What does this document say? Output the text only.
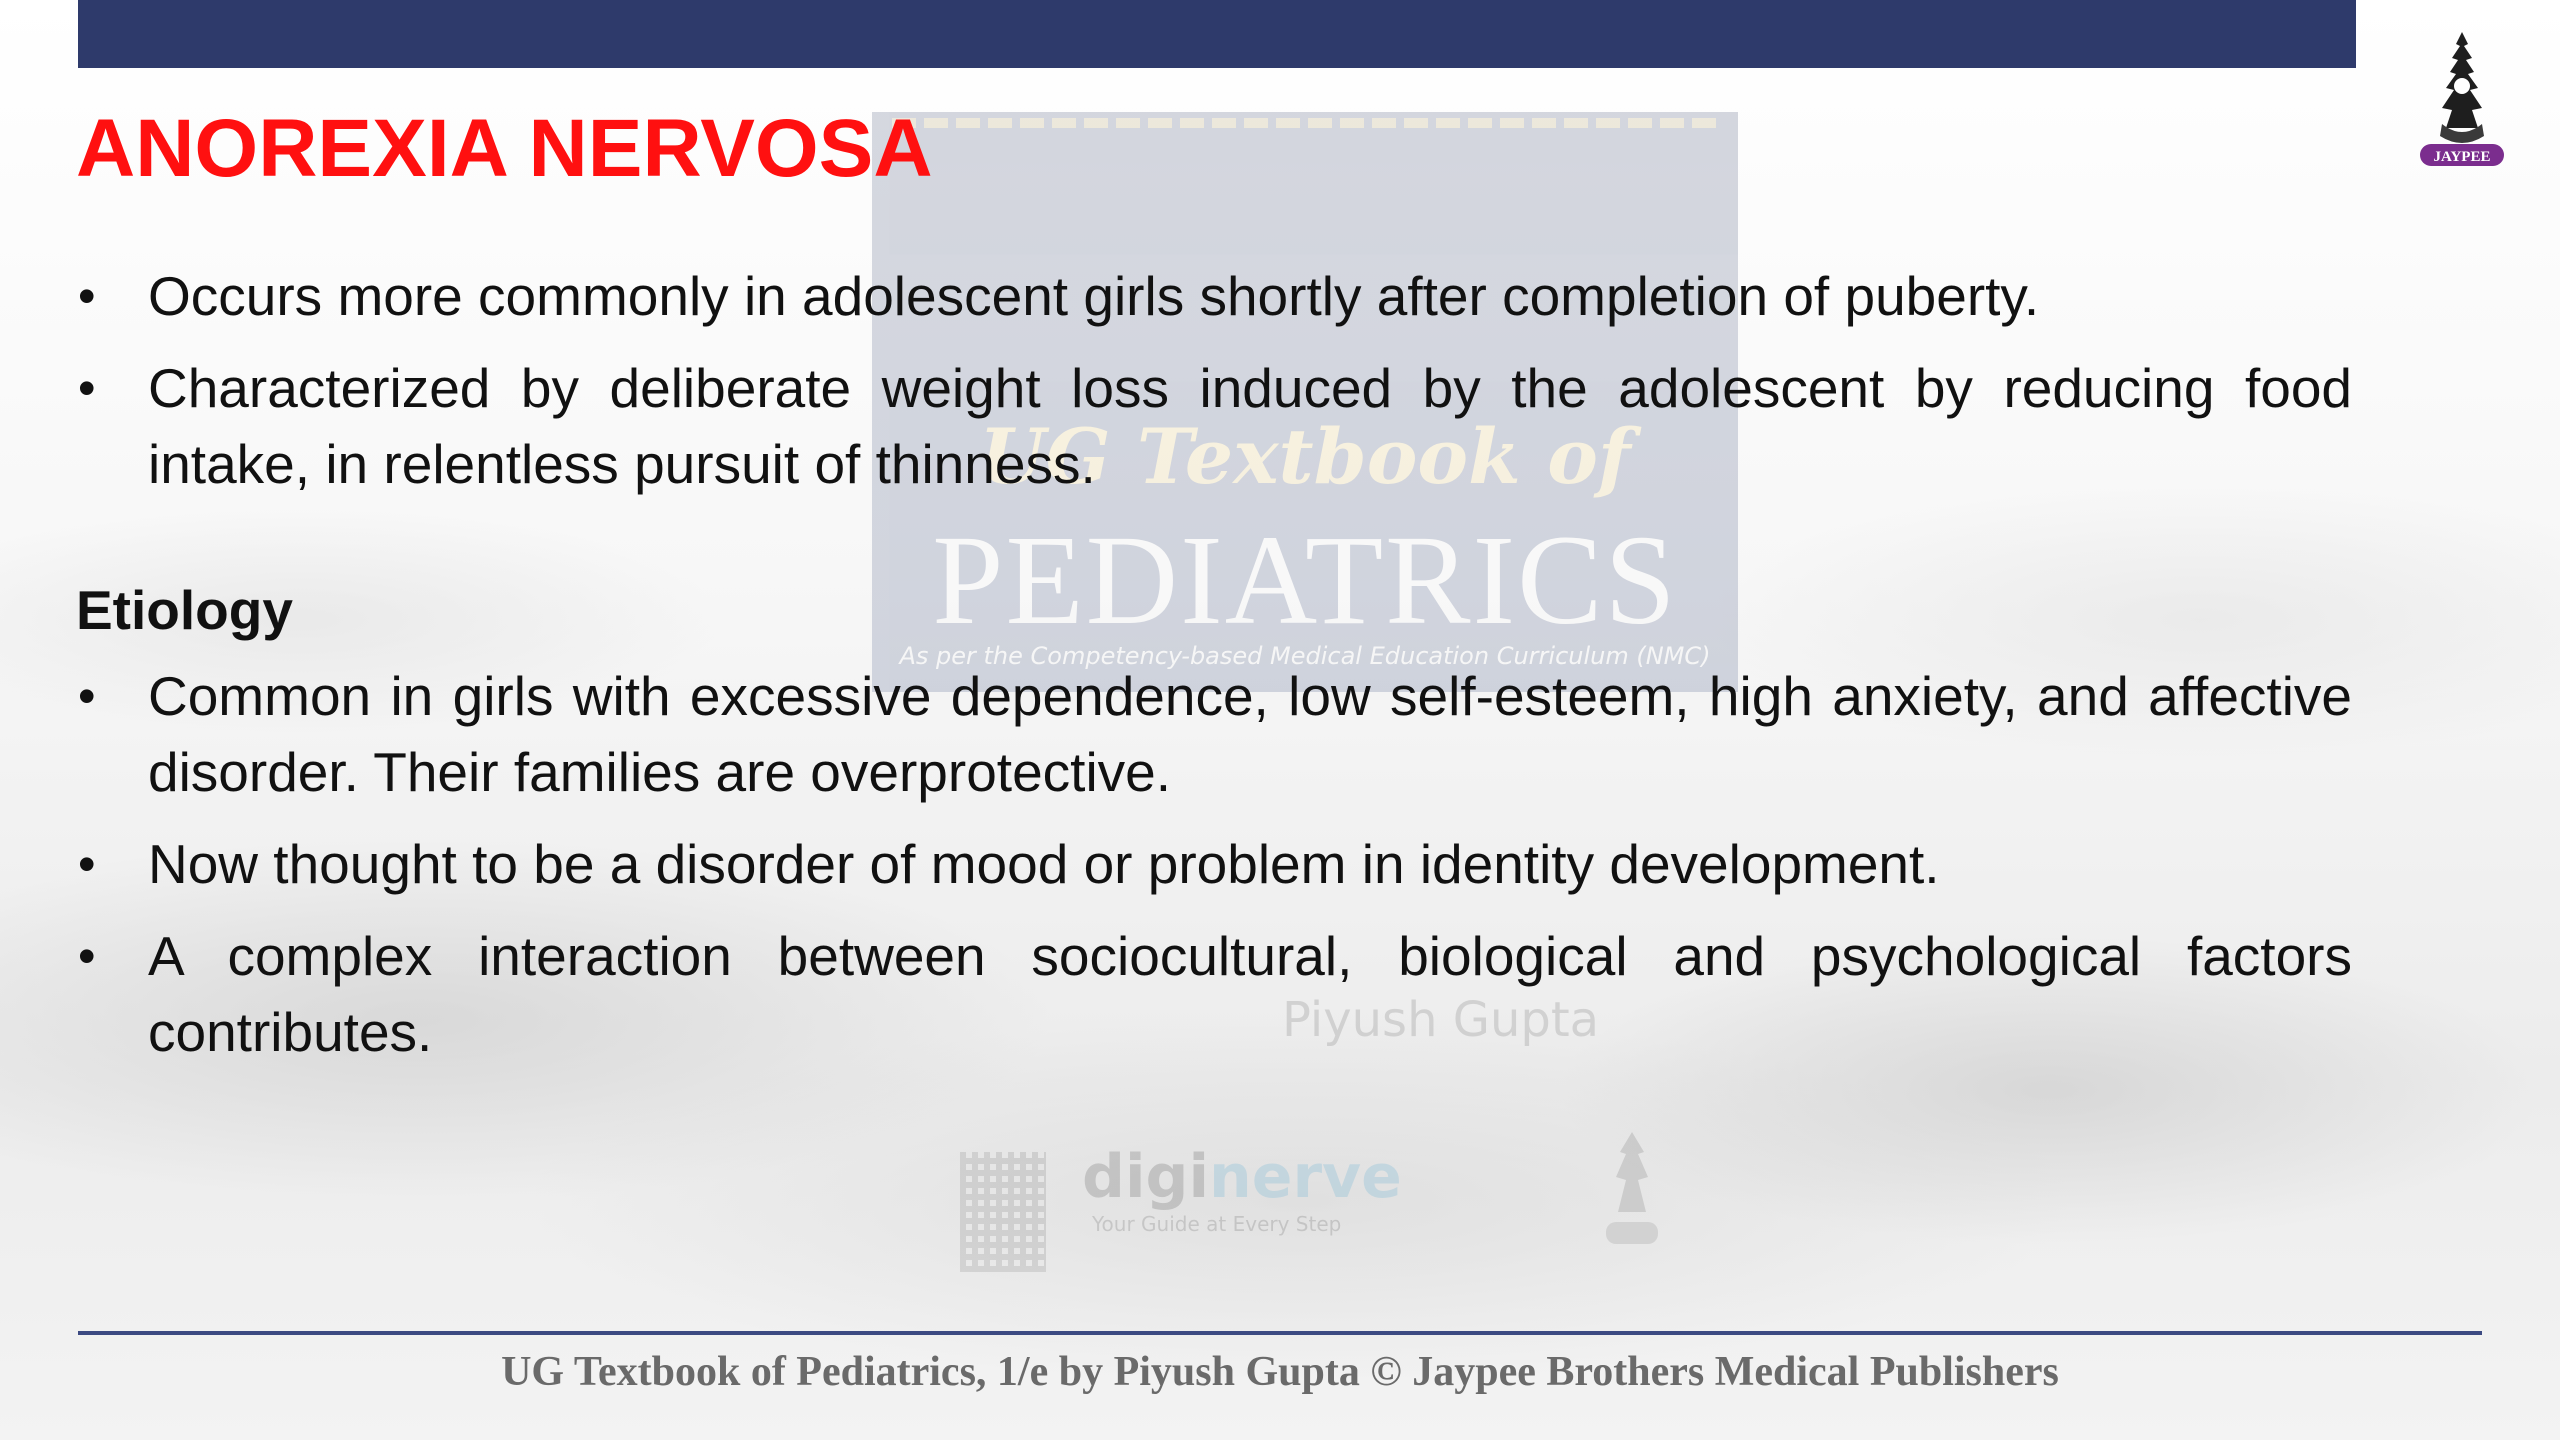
UG Textbook of
PEDIATRICS
As per the Competency-based Medical Education Curriculum (NMC)
Piyush Gupta
diginerve
Your Guide at Every Step
JAYPEE
ANOREXIA NERVOSA
• Occurs more commonly in adolescent girls shortly after completion of puberty.
• Characterized by deliberate weight loss induced by the adolescent by reducing food intake, in relentless pursuit of thinness.
Etiology
• Common in girls with excessive dependence, low self-esteem, high anxiety, and affective disorder. Their families are overprotective.
• Now thought to be a disorder of mood or problem in identity development.
• A complex interaction between sociocultural, biological and psychological factors contributes.
UG Textbook of Pediatrics, 1/e by Piyush Gupta © Jaypee Brothers Medical Publishers
